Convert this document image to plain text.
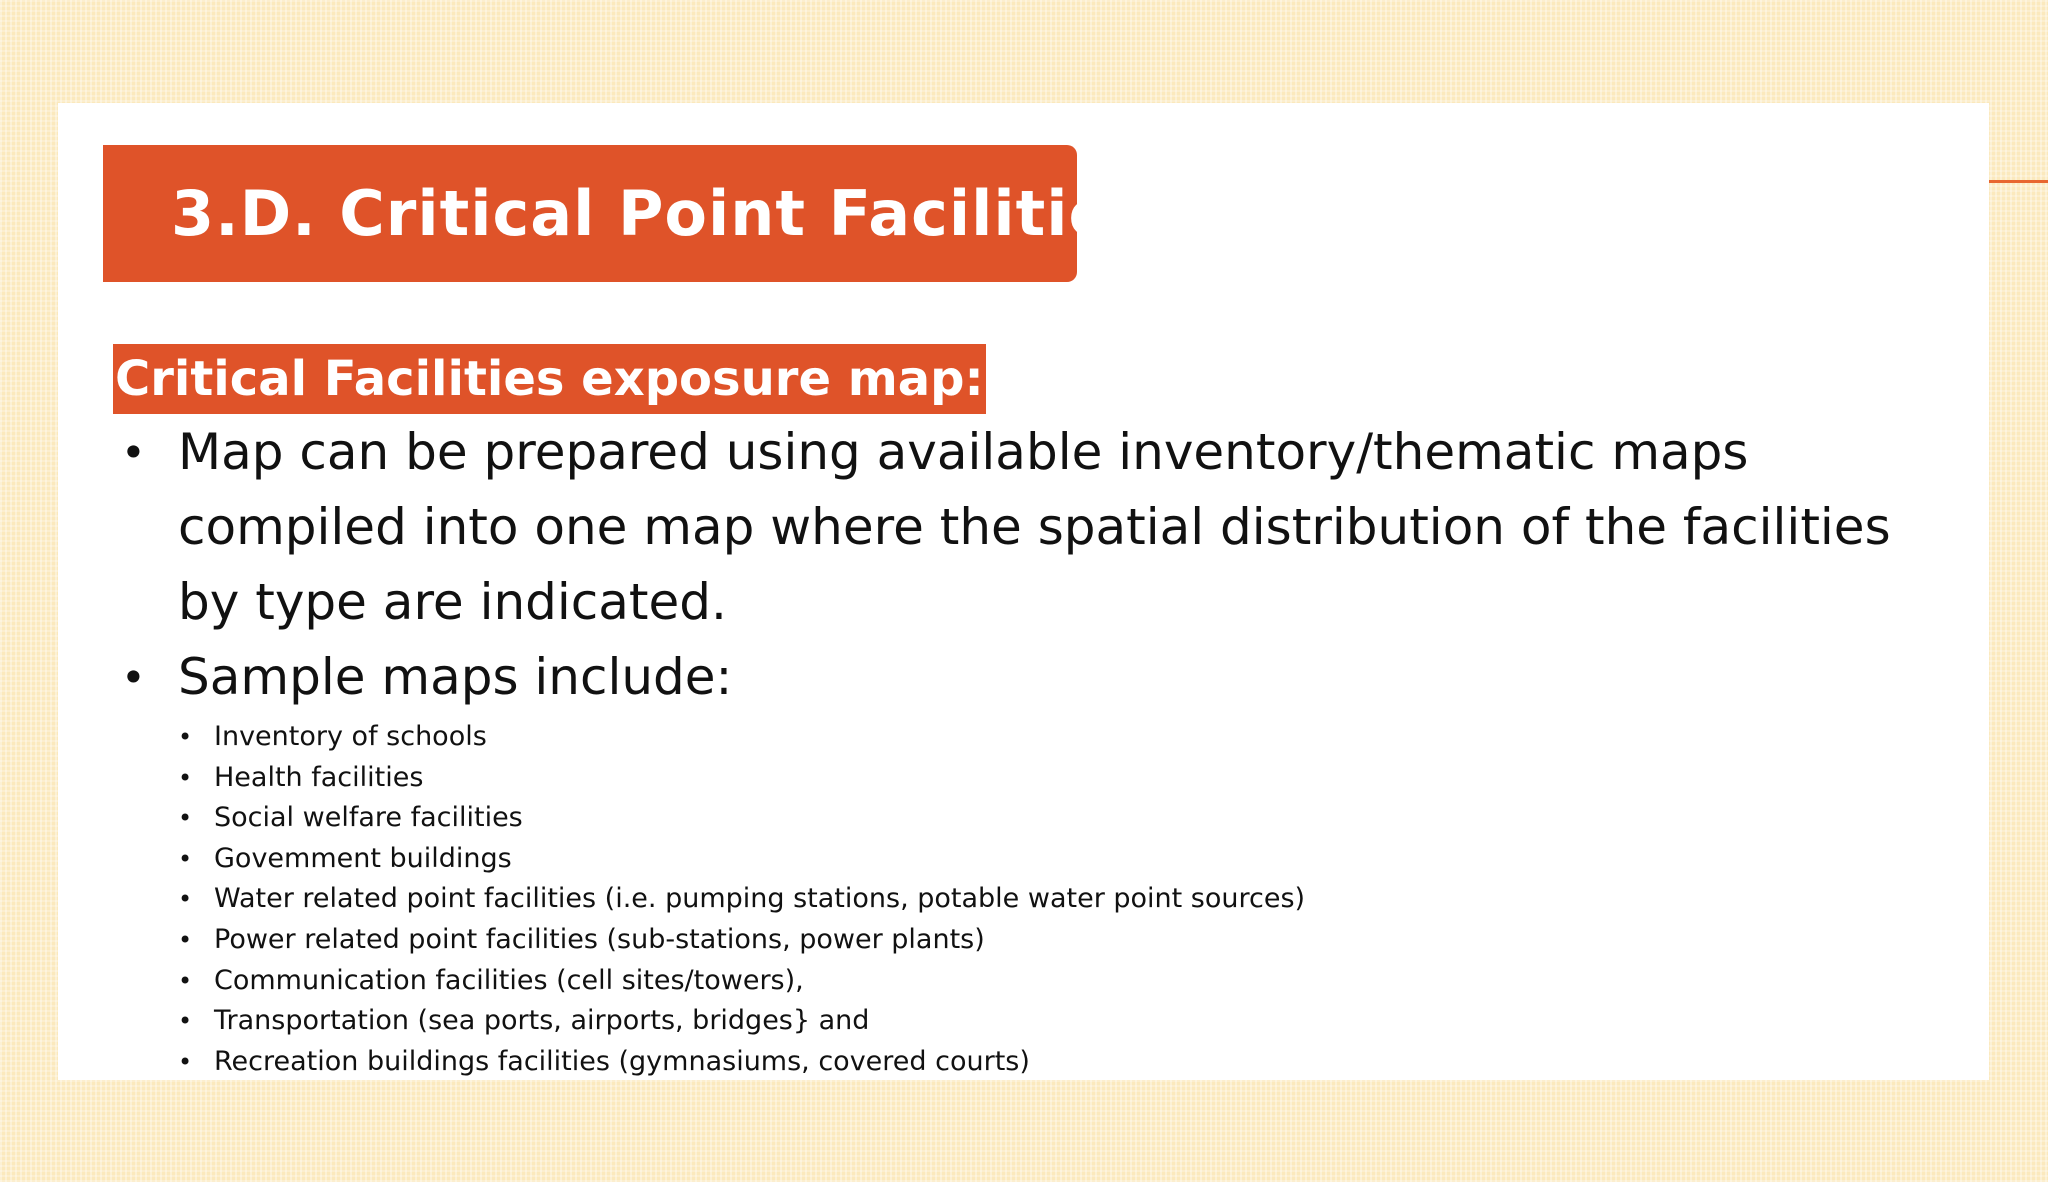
3.D. Critical Point Facilities
Critical Facilities exposure map:
• Map can be prepared using available inventory/thematic maps compiled into one map where the spatial distribution of the facilities by type are indicated.
• Sample maps include:
• Inventory of schools
• Health facilities
• Social welfare facilities
• Govemment buildings
• Water related point facilities (i.e. pumping stations, potable water point sources)
• Power related point facilities (sub-stations, power plants)
• Communication facilities (cell sites/towers),
• Transportation (sea ports, airports, bridges} and
• Recreation buildings facilities (gymnasiums, covered courts)
